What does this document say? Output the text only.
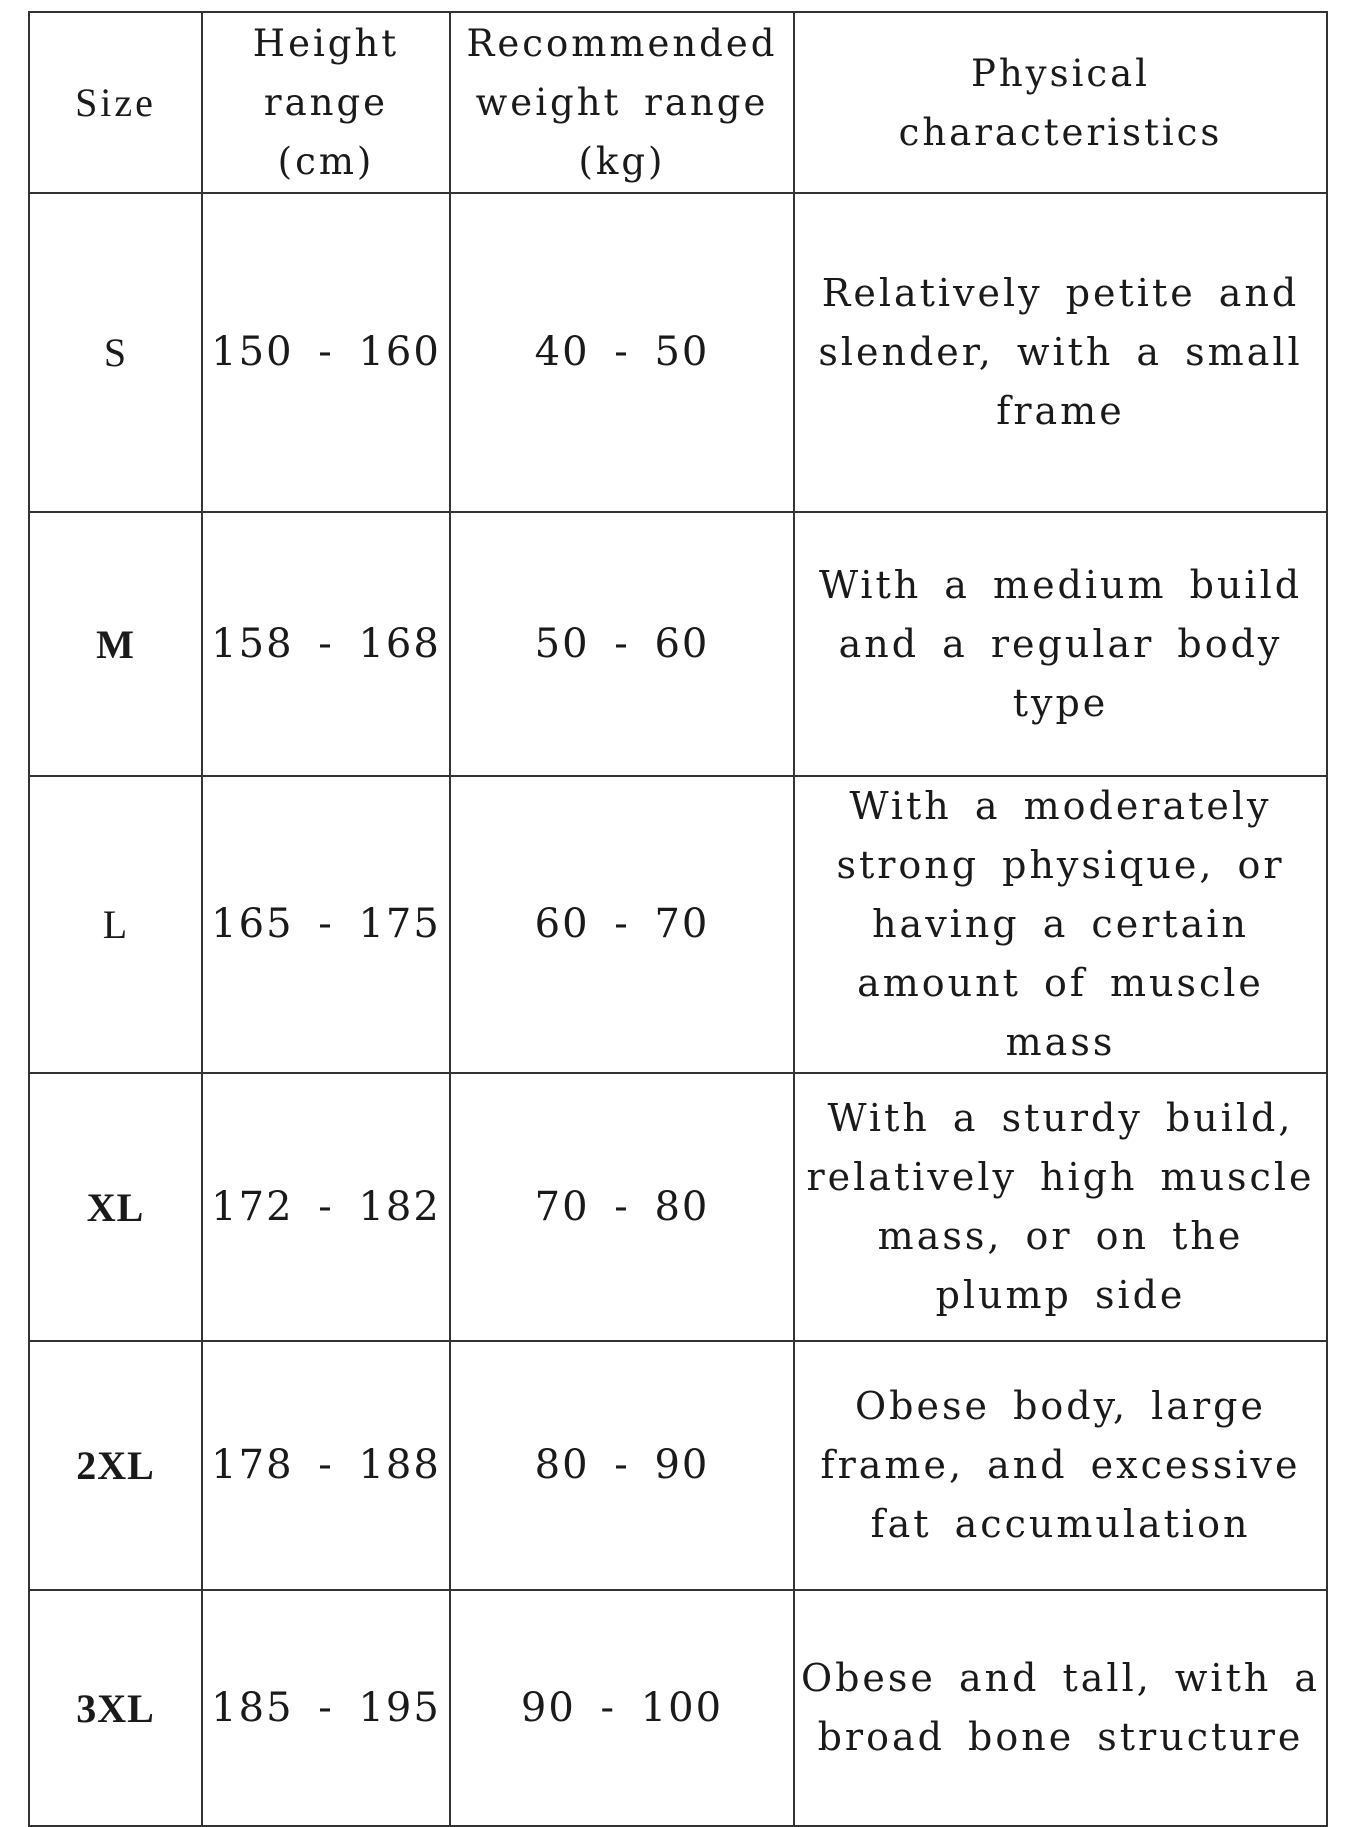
Size	Height range (cm)	Recommended weight range (kg)	Physical characteristics
S	150 - 160	40 - 50	Relatively petite and slender, with a small frame
M	158 - 168	50 - 60	With a medium build and a regular body type
L	165 - 175	60 - 70	With a moderately strong physique, or having a certain amount of muscle mass
XL	172 - 182	70 - 80	With a sturdy build, relatively high muscle mass, or on the plump side
2XL	178 - 188	80 - 90	Obese body, large frame, and excessive fat accumulation
3XL	185 - 195	90 - 100	Obese and tall, with a broad bone structure
